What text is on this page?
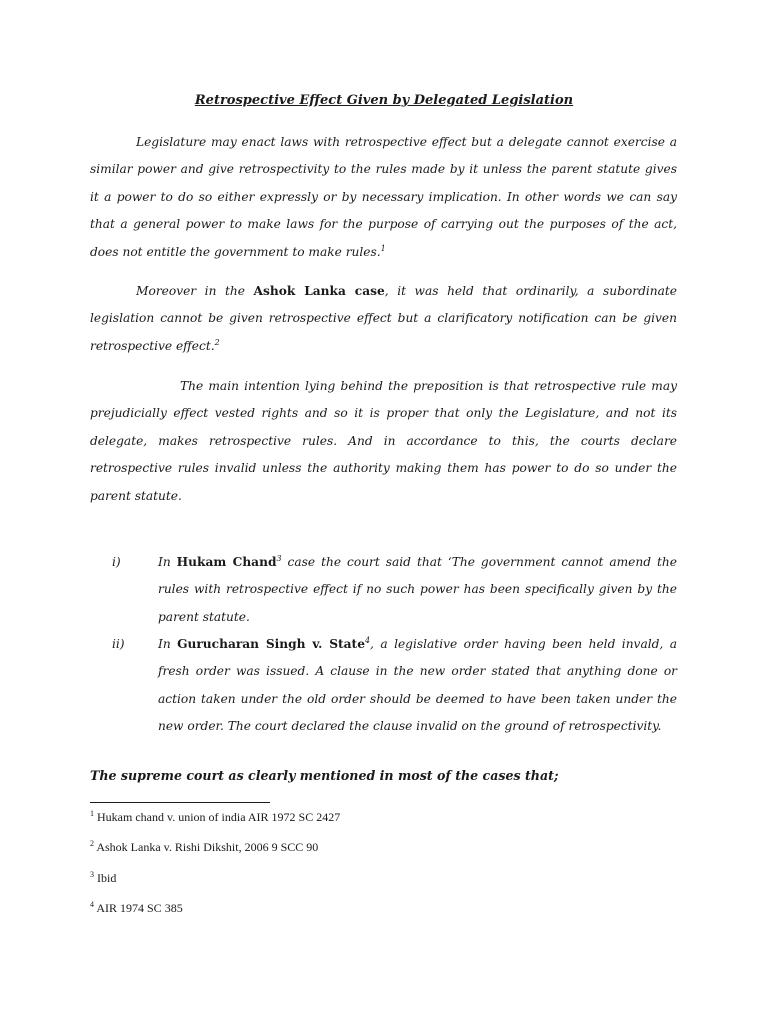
Retrospective Effect Given by Delegated Legislation

Legislature may enact laws with retrospective effect but a delegate cannot exercise a similar power and give retrospectivity to the rules made by it unless the parent statute gives it a power to do so either expressly or by necessary implication. In other words we can say that a general power to make laws for the purpose of carrying out the purposes of the act, does not entitle the government to make rules.$^1$

Moreover in the Ashok Lanka case, it was held that ordinarily, a subordinate legislation cannot be given retrospective effect but a clarificatory notification can be given retrospective effect.$^2$

The main intention lying behind the preposition is that retrospective rule may prejudicially effect vested rights and so it is proper that only the Legislature, and not its delegate, makes retrospective rules. And in accordance to this, the courts declare retrospective rules invalid unless the authority making them has power to do so under the parent statute.

i)	In Hukam Chand$^3$ case the court said that ‘The government cannot amend the rules with retrospective effect if no such power has been specifically given by the parent statute.

ii)	In Gurucharan Singh v. State$^4$, a legislative order having been held invald, a fresh order was issued. A clause in the new order stated that anything done or action taken under the old order should be deemed to have been taken under the new order. The court declared the clause invalid on the ground of retrospectivity.

The supreme court as clearly mentioned in most of the cases that;

$^1$ Hukam chand v. union of india AIR 1972 SC 2427

$^2$ Ashok Lanka v. Rishi Dikshit, 2006 9 SCC 90

$^3$ Ibid

$^4$ AIR 1974 SC 385
